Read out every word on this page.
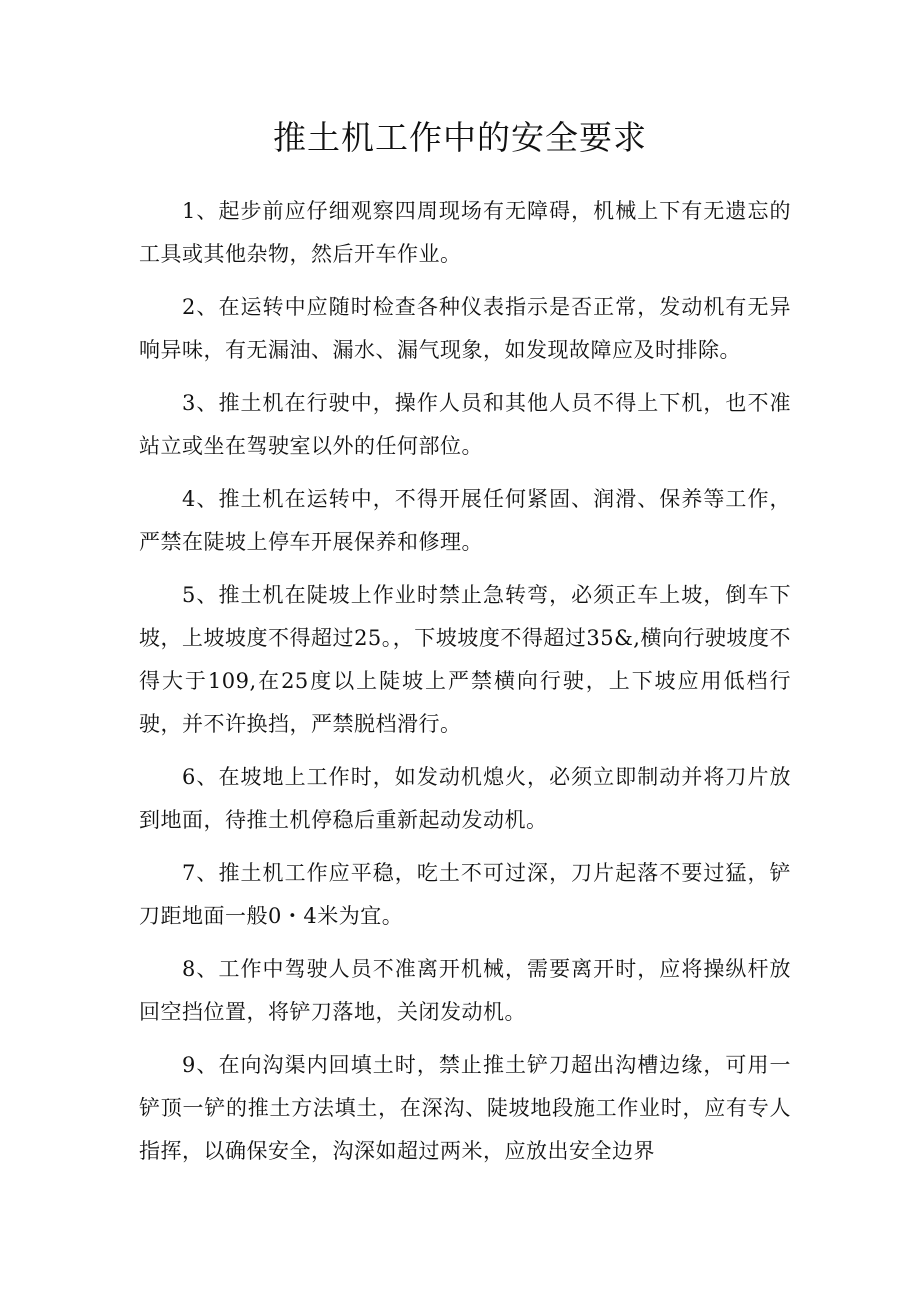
推土机工作中的安全要求

1、起步前应仔细观察四周现场有无障碍，机械上下有无遗忘的工具或其他杂物，然后开车作业。

2、在运转中应随时检查各种仪表指示是否正常，发动机有无异响异味，有无漏油、漏水、漏气现象，如发现故障应及时排除。

3、推土机在行驶中，操作人员和其他人员不得上下机，也不准站立或坐在驾驶室以外的任何部位。

4、推土机在运转中，不得开展任何紧固、润滑、保养等工作，严禁在陡坡上停车开展保养和修理。

5、推土机在陡坡上作业时禁止急转弯，必须正车上坡，倒车下坡，上坡坡度不得超过25。，下坡坡度不得超过35&,横向行驶坡度不得大于109,在25度以上陡坡上严禁横向行驶，上下坡应用低档行驶，并不许换挡，严禁脱档滑行。

6、在坡地上工作时，如发动机熄火，必须立即制动并将刀片放到地面，待推土机停稳后重新起动发动机。

7、推土机工作应平稳，吃土不可过深，刀片起落不要过猛，铲刀距地面一般0・4米为宜。

8、工作中驾驶人员不准离开机械，需要离开时，应将操纵杆放回空挡位置，将铲刀落地，关闭发动机。

9、在向沟渠内回填土时，禁止推土铲刀超出沟槽边缘，可用一铲顶一铲的推土方法填土，在深沟、陡坡地段施工作业时，应有专人指挥，以确保安全，沟深如超过两米，应放出安全边界
